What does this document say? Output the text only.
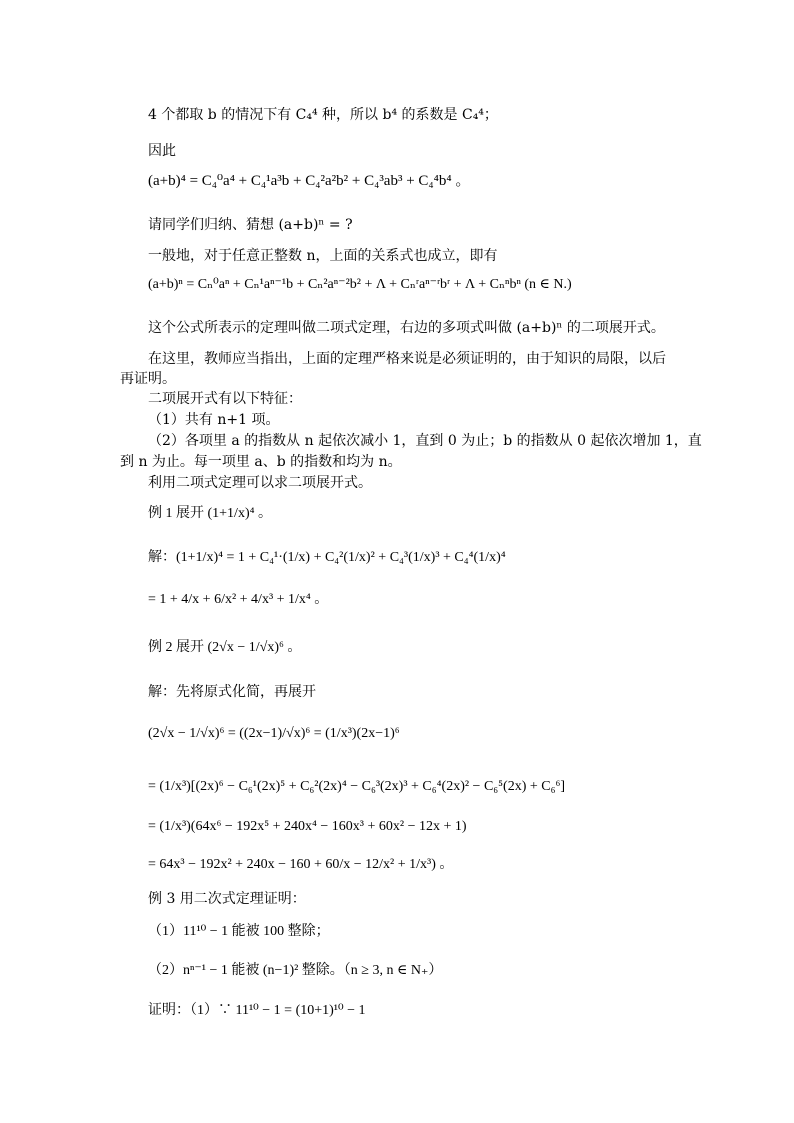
4 个都取 b 的情况下有 C₄⁴ 种，所以 b⁴ 的系数是 C₄⁴；
因此
(a+b)⁴ = C₄⁰a⁴ + C₄¹a³b + C₄²a²b² + C₄³ab³ + C₄⁴b⁴ 。
请同学们归纳、猜想 (a+b)ⁿ = ?
一般地，对于任意正整数 n，上面的关系式也成立，即有
(a+b)ⁿ = Cₙ⁰aⁿ + Cₙ¹aⁿ⁻¹b + Cₙ²aⁿ⁻²b² + Λ + Cₙʳaⁿ⁻ʳbʳ + Λ + Cₙⁿbⁿ (n ∈ N.)
这个公式所表示的定理叫做二项式定理，右边的多项式叫做 (a+b)ⁿ 的二项展开式。
在这里，教师应当指出，上面的定理严格来说是必须证明的，由于知识的局限，以后
再证明。
二项展开式有以下特征：
（1）共有 n+1 项。
（2）各项里 a 的指数从 n 起依次减小 1，直到 0 为止；b 的指数从 0 起依次增加 1，直
到 n 为止。每一项里 a、b 的指数和均为 n。
利用二项式定理可以求二项展开式。
例 1 展开 (1+1/x)⁴ 。
解：(1+1/x)⁴ = 1 + C₄¹·(1/x) + C₄²(1/x)² + C₄³(1/x)³ + C₄⁴(1/x)⁴
= 1 + 4/x + 6/x² + 4/x³ + 1/x⁴ 。
例 2 展开 (2√x − 1/√x)⁶ 。
解：先将原式化简，再展开
(2√x − 1/√x)⁶ = ((2x−1)/√x)⁶ = (1/x³)(2x−1)⁶
= (1/x³)[(2x)⁶ − C₆¹(2x)⁵ + C₆²(2x)⁴ − C₆³(2x)³ + C₆⁴(2x)² − C₆⁵(2x) + C₆⁶]
= (1/x³)(64x⁶ − 192x⁵ + 240x⁴ − 160x³ + 60x² − 12x + 1)
= 64x³ − 192x² + 240x − 160 + 60/x − 12/x² + 1/x³) 。
例 3 用二次式定理证明：
（1）11¹⁰ − 1 能被 100 整除；
（2）nⁿ⁻¹ − 1 能被 (n−1)² 整除。（n ≥ 3, n ∈ N₊）
证明：（1）∵ 11¹⁰ − 1 = (10+1)¹⁰ − 1
